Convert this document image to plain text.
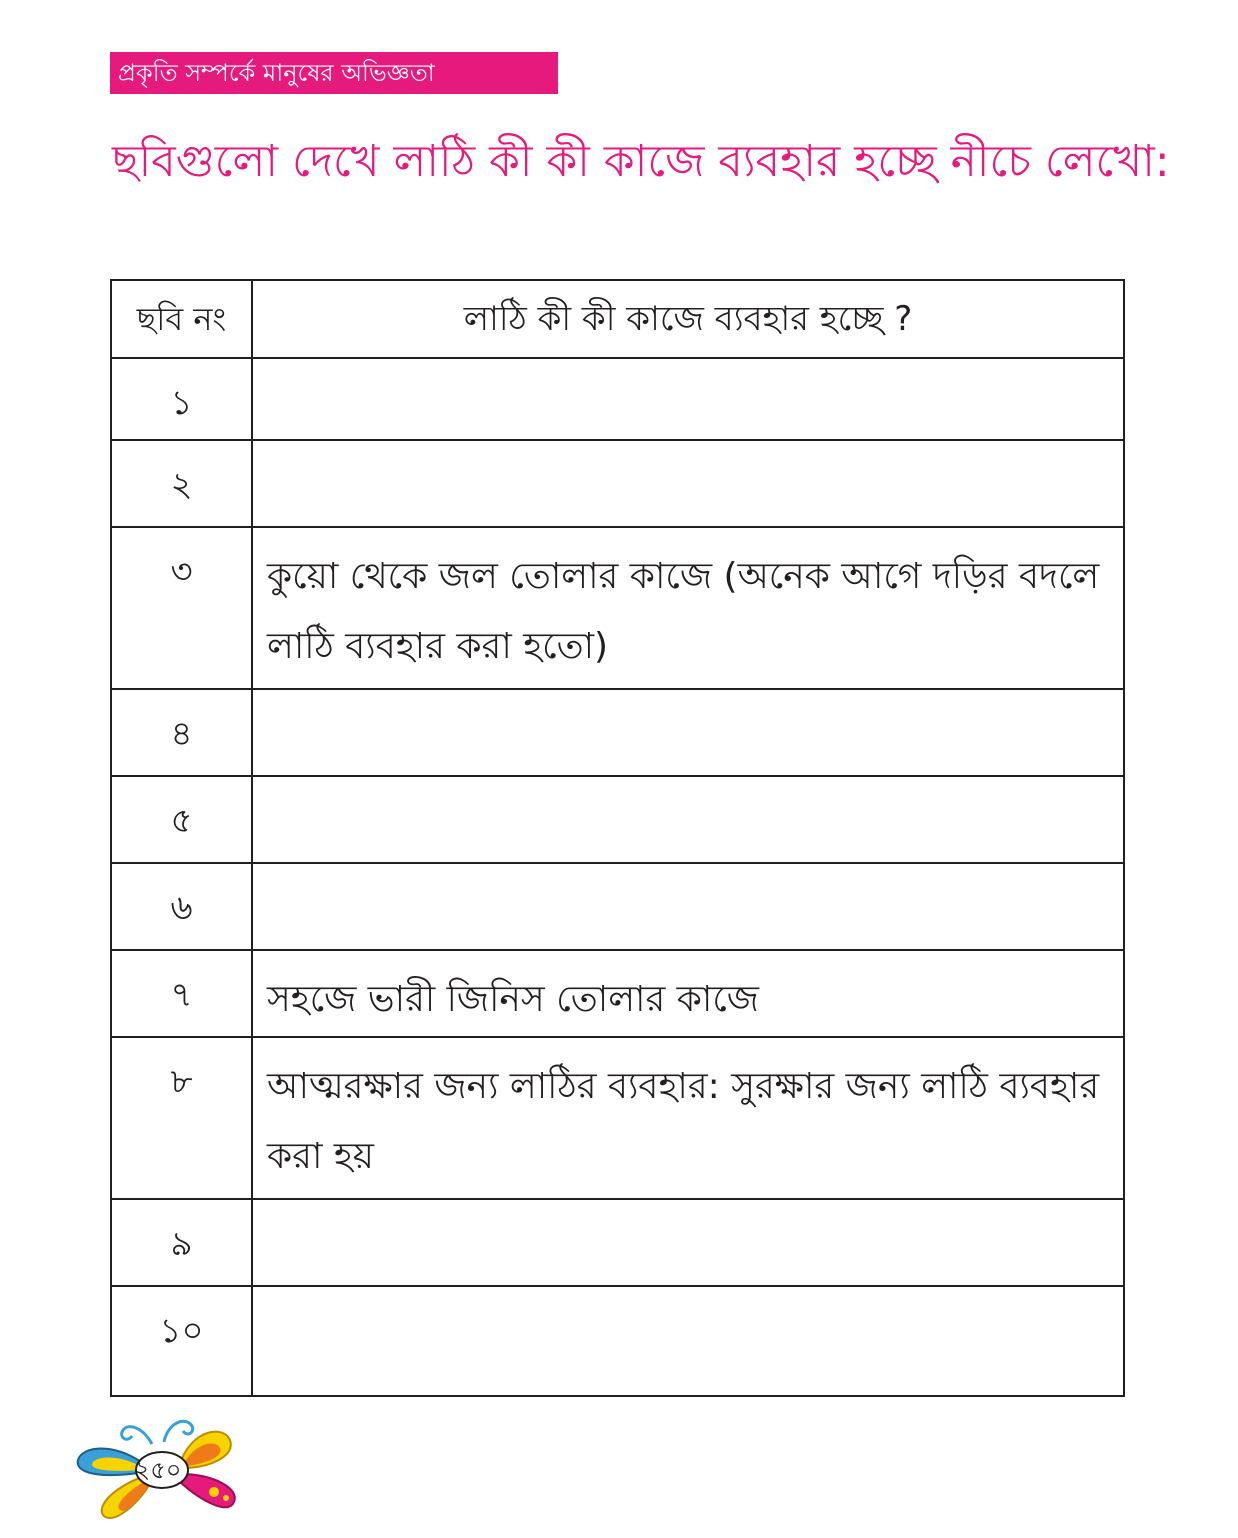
প্রকৃতি সম্পর্কে মানুষের অভিজ্ঞতা
ছবিগুলো দেখে লাঠি কী কী কাজে ব্যবহার হচ্ছে নীচে লেখো:
ছবি নং	লাঠি কী কী কাজে ব্যবহার হচ্ছে ?
১	
২	
৩	কুয়ো থেকে জল তোলার কাজে (অনেক আগে দড়ির বদলে লাঠি ব্যবহার করা হতো)
৪	
৫	
৬	
৭	সহজে ভারী জিনিস তোলার কাজে
৮	আত্মরক্ষার জন্য লাঠির ব্যবহার: সুরক্ষার জন্য লাঠি ব্যবহার করা হয়
৯	
১০	
২৫০
